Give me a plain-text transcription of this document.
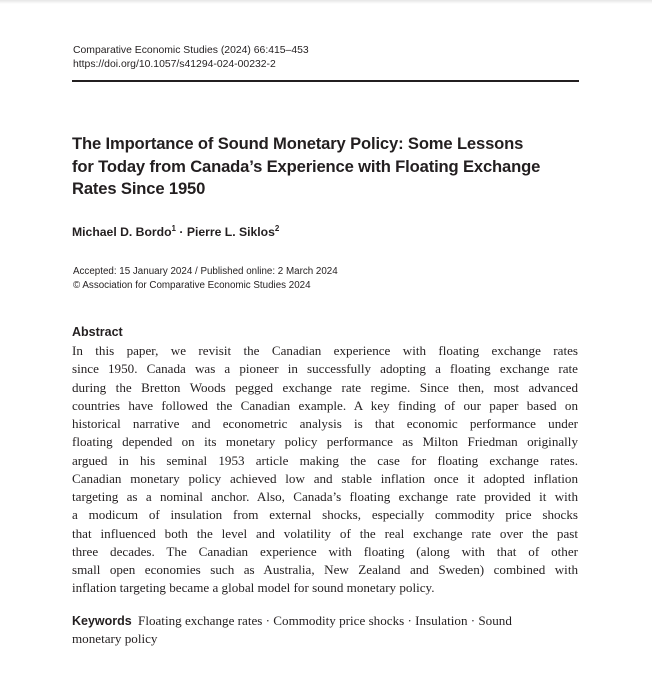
Comparative Economic Studies (2024) 66:415–453
https://doi.org/10.1057/s41294-024-00232-2
The Importance of Sound Monetary Policy: Some Lessons
for Today from Canada’s Experience with Floating Exchange
Rates Since 1950
Michael D. Bordo$^1$ · Pierre L. Siklos$^2$
Accepted: 15 January 2024 / Published online: 2 March 2024
© Association for Comparative Economic Studies 2024
Abstract
In this paper, we revisit the Canadian experience with floating exchange rates
since 1950. Canada was a pioneer in successfully adopting a floating exchange rate
during the Bretton Woods pegged exchange rate regime. Since then, most advanced
countries have followed the Canadian example. A key finding of our paper based on
historical narrative and econometric analysis is that economic performance under
floating depended on its monetary policy performance as Milton Friedman originally
argued in his seminal 1953 article making the case for floating exchange rates.
Canadian monetary policy achieved low and stable inflation once it adopted inflation
targeting as a nominal anchor. Also, Canada’s floating exchange rate provided it with
a modicum of insulation from external shocks, especially commodity price shocks
that influenced both the level and volatility of the real exchange rate over the past
three decades. The Canadian experience with floating (along with that of other
small open economies such as Australia, New Zealand and Sweden) combined with
inflation targeting became a global model for sound monetary policy.
Keywords Floating exchange rates · Commodity price shocks · Insulation · Sound
monetary policy
